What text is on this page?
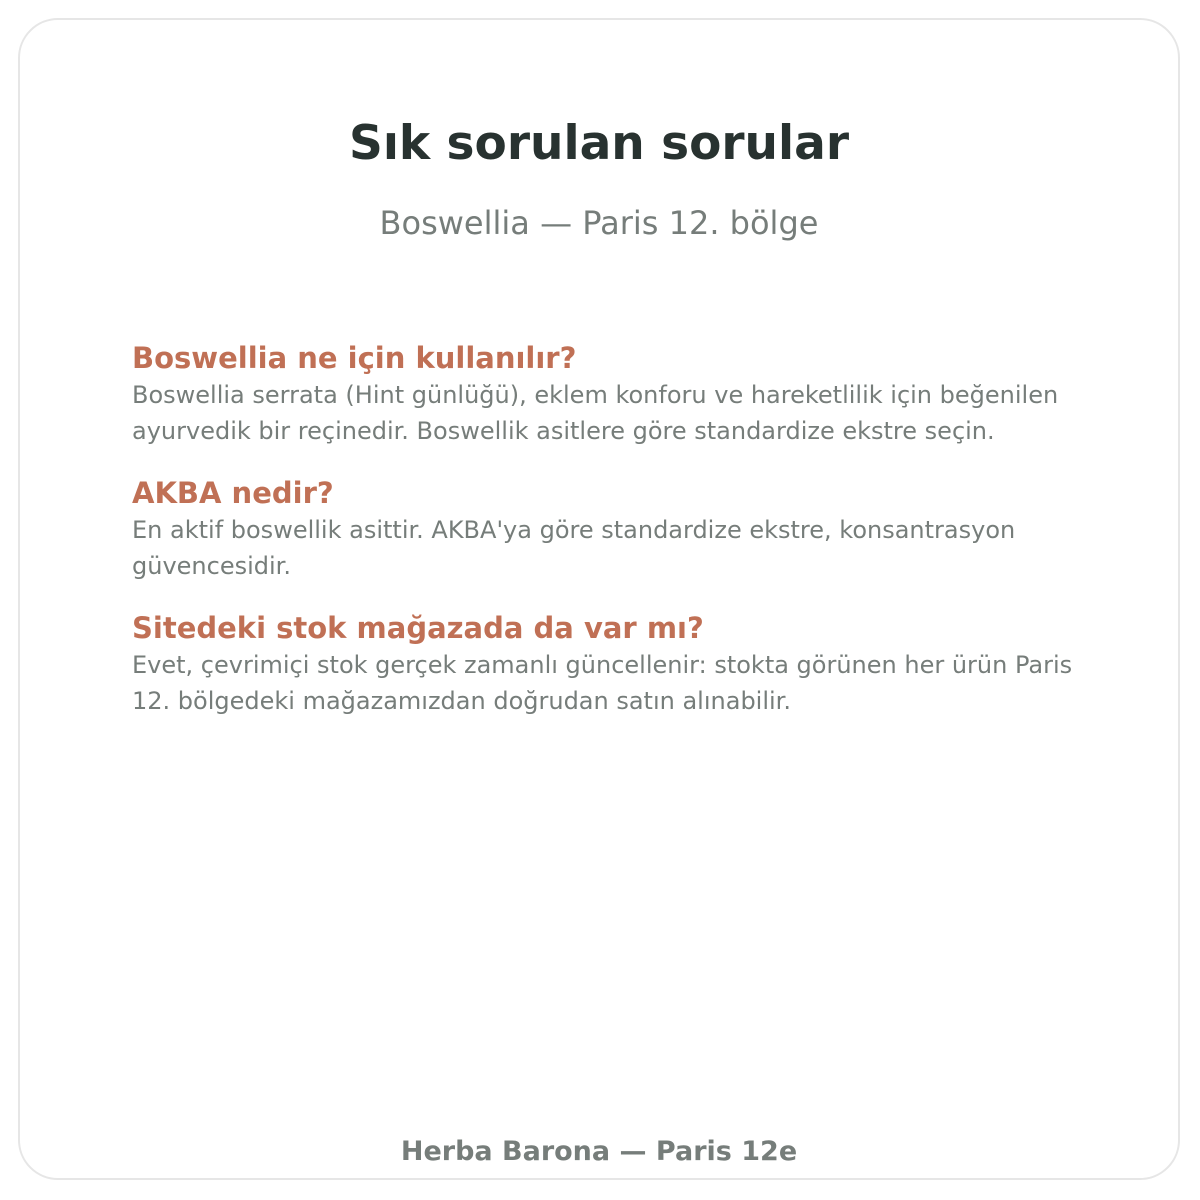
Sık sorulan sorular
Boswellia — Paris 12. bölge
Boswellia ne için kullanılır?

Boswellia serrata (Hint günlüğü), eklem konforu ve hareketlilik için beğenilen ayurvedik bir reçinedir. Boswellik asitlere göre standardize ekstre seçin.

AKBA nedir?

En aktif boswellik asittir. AKBA'ya göre standardize ekstre, konsantrasyon güvencesidir.

Sitedeki stok mağazada da var mı?

Evet, çevrimiçi stok gerçek zamanlı güncellenir: stokta görünen her ürün Paris 12. bölgedeki mağazamızdan doğrudan satın alınabilir.

Herba Barona — Paris 12e
